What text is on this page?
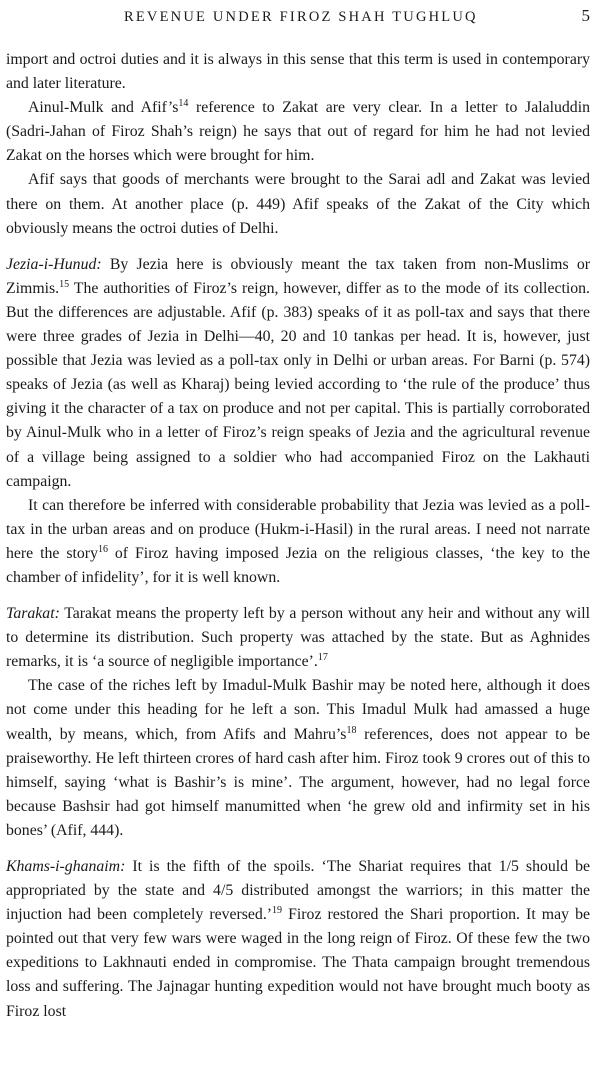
REVENUE UNDER FIROZ SHAH TUGHLUQ	5

import and octroi duties and it is always in this sense that this term is used in contemporary and later literature.

Ainul-Mulk and Afif’s$^{14}$ reference to Zakat are very clear. In a letter to Jalaluddin (Sadri-Jahan of Firoz Shah’s reign) he says that out of regard for him he had not levied Zakat on the horses which were brought for him.

Afif says that goods of merchants were brought to the Sarai adl and Zakat was levied there on them. At another place (p. 449) Afif speaks of the Zakat of the City which obviously means the octroi duties of Delhi.

Jezia-i-Hunud: By Jezia here is obviously meant the tax taken from non-Muslims or Zimmis.$^{15}$ The authorities of Firoz’s reign, however, differ as to the mode of its collection. But the differences are adjustable. Afif (p. 383) speaks of it as poll-tax and says that there were three grades of Jezia in Delhi—40, 20 and 10 tankas per head. It is, however, just possible that Jezia was levied as a poll-tax only in Delhi or urban areas. For Barni (p. 574) speaks of Jezia (as well as Kharaj) being levied according to ‘the rule of the produce’ thus giving it the character of a tax on produce and not per capital. This is partially corroborated by Ainul-Mulk who in a letter of Firoz’s reign speaks of Jezia and the agricultural revenue of a village being assigned to a soldier who had accompanied Firoz on the Lakhauti campaign.

It can therefore be inferred with considerable probability that Jezia was levied as a poll-tax in the urban areas and on produce (Hukm-i-Hasil) in the rural areas. I need not narrate here the story$^{16}$ of Firoz having imposed Jezia on the religious classes, ‘the key to the chamber of infidelity’, for it is well known.

Tarakat: Tarakat means the property left by a person without any heir and without any will to determine its distribution. Such property was attached by the state. But as Aghnides remarks, it is ‘a source of negligible importance’.$^{17}$

The case of the riches left by Imadul-Mulk Bashir may be noted here, although it does not come under this heading for he left a son. This Imadul Mulk had amassed a huge wealth, by means, which, from Afifs and Mahru’s$^{18}$ references, does not appear to be praiseworthy. He left thirteen crores of hard cash after him. Firoz took 9 crores out of this to himself, saying ‘what is Bashir’s is mine’. The argument, however, had no legal force because Bashsir had got himself manumitted when ‘he grew old and infirmity set in his bones’ (Afif, 444).

Khams-i-ghanaim: It is the fifth of the spoils. ‘The Shariat requires that 1/5 should be appropriated by the state and 4/5 distributed amongst the warriors; in this matter the injuction had been completely reversed.’$^{19}$ Firoz restored the Shari proportion. It may be pointed out that very few wars were waged in the long reign of Firoz. Of these few the two expeditions to Lakhnauti ended in compromise. The Thata campaign brought tremendous loss and suffering. The Jajnagar hunting expedition would not have brought much booty as Firoz lost
